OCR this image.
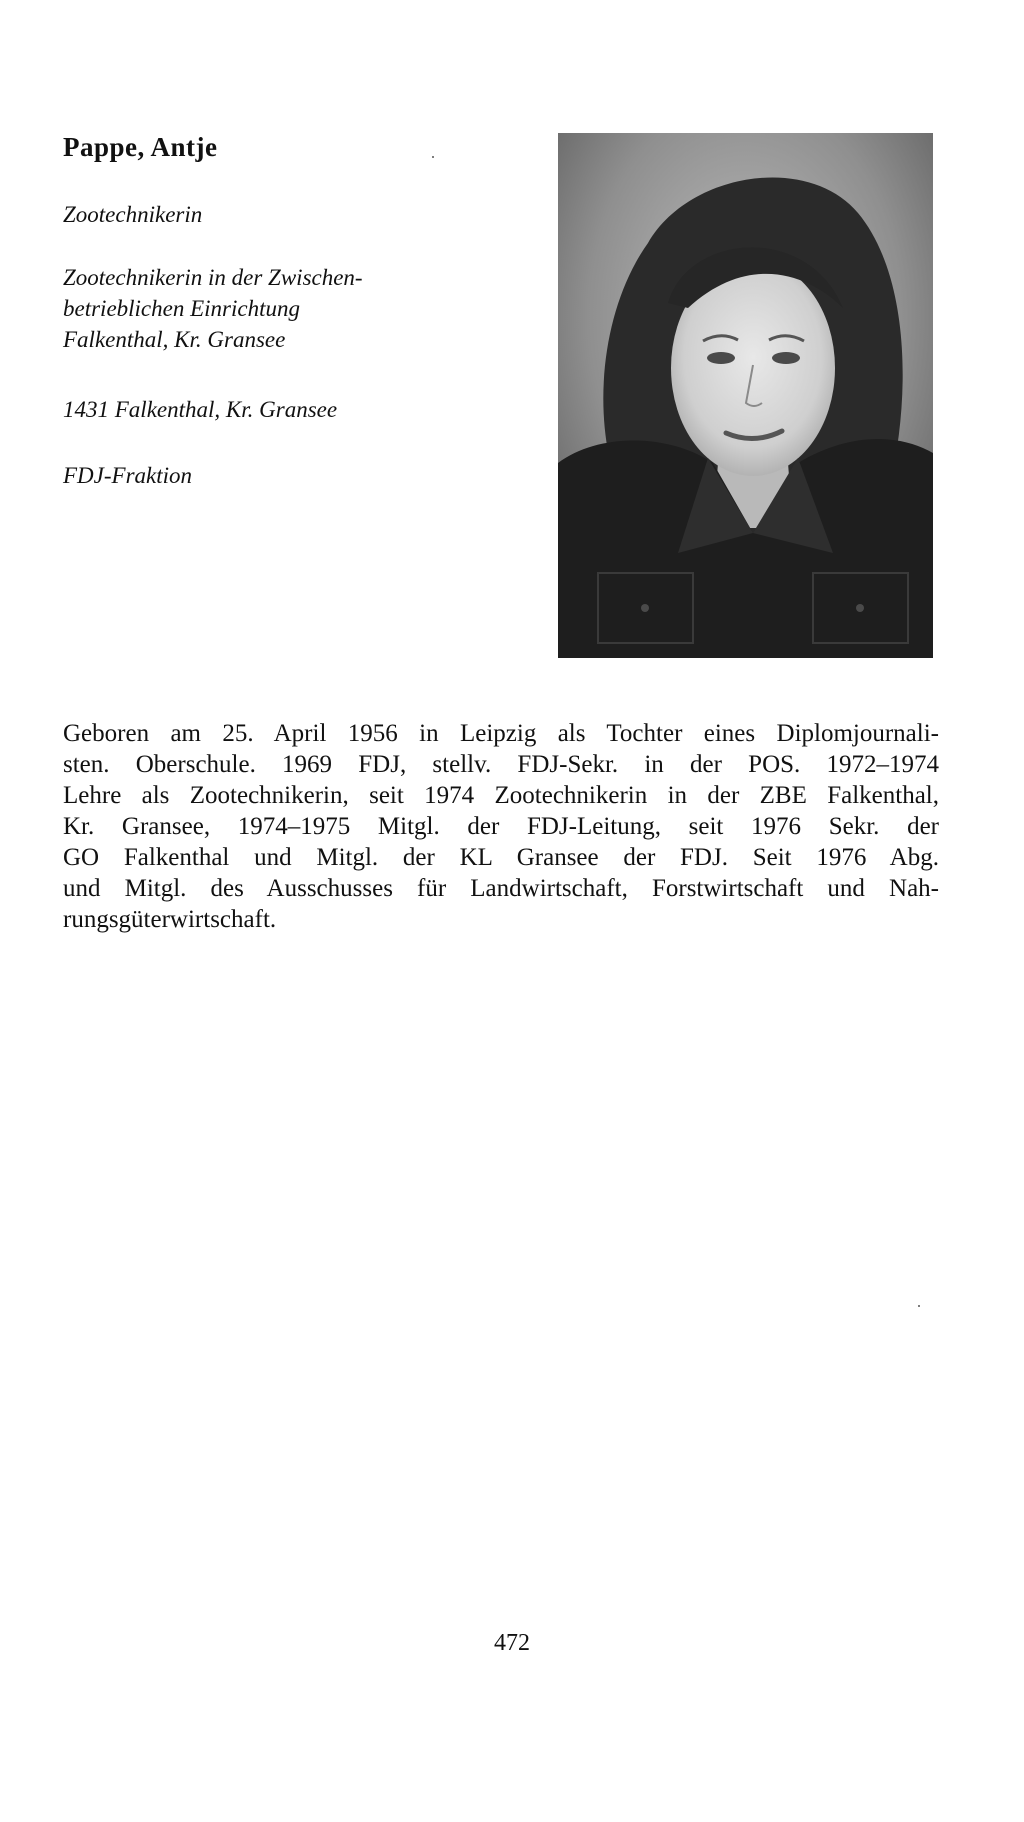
Pappe, Antje

Zootechnikerin

Zootechnikerin in der Zwischen-
betrieblichen Einrichtung
Falkenthal, Kr. Gransee

1431 Falkenthal, Kr. Gransee

FDJ-Fraktion

Geboren am 25. April 1956 in Leipzig als Tochter eines Diplomjournali-
sten. Oberschule. 1969 FDJ, stellv. FDJ-Sekr. in der POS. 1972–1974
Lehre als Zootechnikerin, seit 1974 Zootechnikerin in der ZBE Falkenthal,
Kr. Gransee, 1974–1975 Mitgl. der FDJ-Leitung, seit 1976 Sekr. der
GO Falkenthal und Mitgl. der KL Gransee der FDJ. Seit 1976 Abg.
und Mitgl. des Ausschusses für Landwirtschaft, Forstwirtschaft und Nah-
rungsgüterwirtschaft.

472
